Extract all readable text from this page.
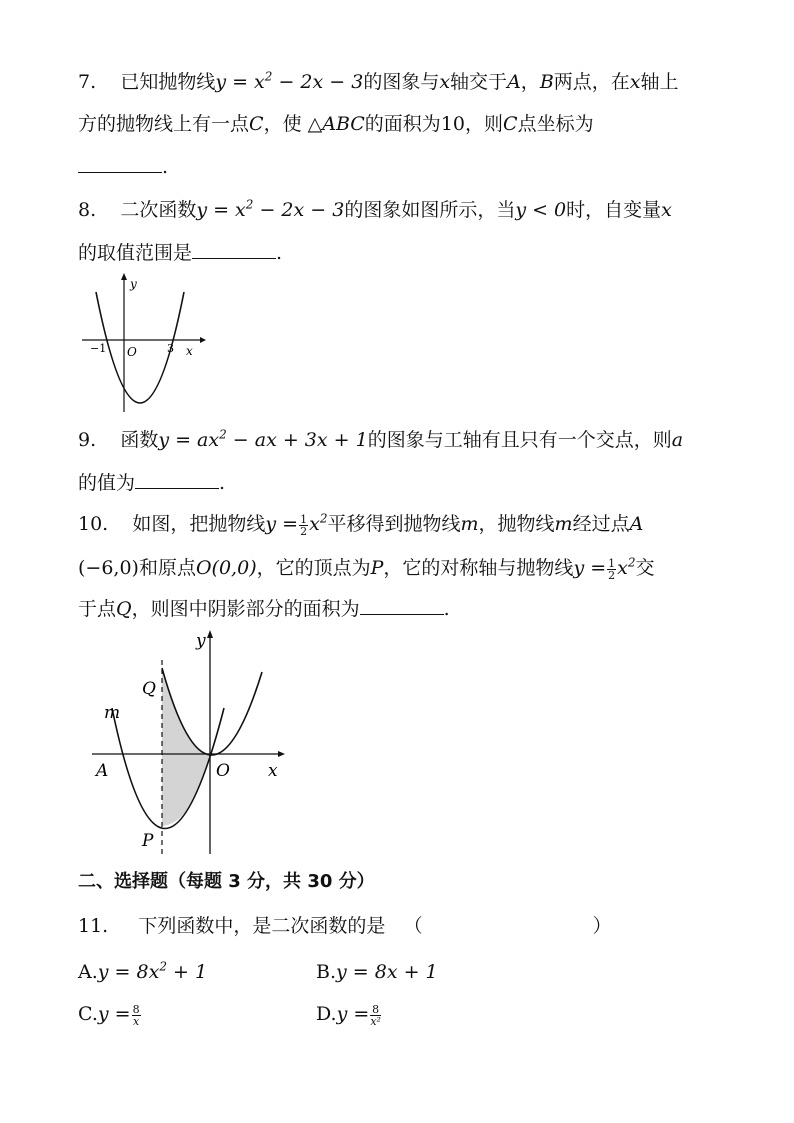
7. 已知抛物线$y = x^2 - 2x - 3$的图象与x轴交于A，B两点，在x轴上
方的抛物线上有一点C，使 △ABC的面积为10，则C点坐标为
.
8. 二次函数$y = x^2 - 2x - 3$的图象如图所示，当y < 0时，自变量x
的取值范围是	.
y
x
O
−1	3
9. 函数$y = ax^2$ − ax + 3x + 1的图象与工轴有且只有一个交点，则a
的值为	.
10. 如图，把抛物线$y = \frac{1}{2} x^2$平移得到抛物线m，抛物线m经过点A
(−6,0)和原点O(0,0)，它的顶点为P，它的对称轴与抛物线$y = \frac{1}{2} x^2$交
于点Q，则图中阴影部分的面积为	.
y
x
O
A
P
Q
m
二、选择题（每题 3 分，共 30 分）
11. 下列函数中，是二次函数的是 （	）
$A.y = 8x^2 + 1$	B.y = 8x + 1
$C.y = \frac{8}{x}$	$D.y = \frac{8}{\text{x²}}$
